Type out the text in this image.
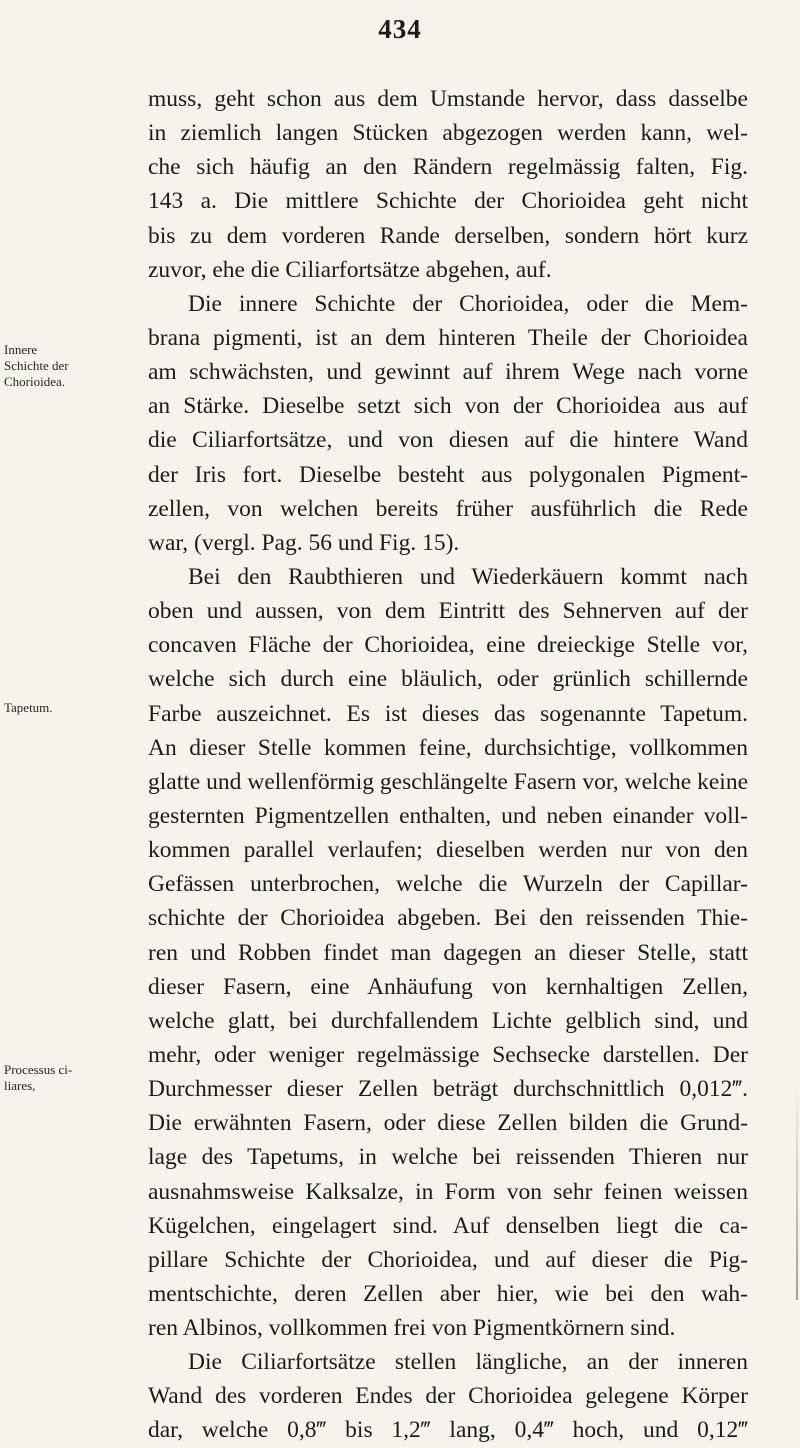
434
Innere
Schichte der
Chorioidea.
Tapetum.
Processus ci-
liares,
muss, geht schon aus dem Umstande hervor, dass dasselbe
in ziemlich langen Stücken abgezogen werden kann, wel-
che sich häufig an den Rändern regelmässig falten, Fig.
143 a. Die mittlere Schichte der Chorioidea geht nicht
bis zu dem vorderen Rande derselben, sondern hört kurz
zuvor, ehe die Ciliarfortsätze abgehen, auf.
Die innere Schichte der Chorioidea, oder die Mem-
brana pigmenti, ist an dem hinteren Theile der Chorioidea
am schwächsten, und gewinnt auf ihrem Wege nach vorne
an Stärke. Dieselbe setzt sich von der Chorioidea aus auf
die Ciliarfortsätze, und von diesen auf die hintere Wand
der Iris fort. Dieselbe besteht aus polygonalen Pigment-
zellen, von welchen bereits früher ausführlich die Rede
war, (vergl. Pag. 56 und Fig. 15).
Bei den Raubthieren und Wiederkäuern kommt nach
oben und aussen, von dem Eintritt des Sehnerven auf der
concaven Fläche der Chorioidea, eine dreieckige Stelle vor,
welche sich durch eine bläulich, oder grünlich schillernde
Farbe auszeichnet. Es ist dieses das sogenannte Tapetum.
An dieser Stelle kommen feine, durchsichtige, vollkommen
glatte und wellenförmig geschlängelte Fasern vor, welche keine
gesternten Pigmentzellen enthalten, und neben einander voll-
kommen parallel verlaufen; dieselben werden nur von den
Gefässen unterbrochen, welche die Wurzeln der Capillar-
schichte der Chorioidea abgeben. Bei den reissenden Thie-
ren und Robben findet man dagegen an dieser Stelle, statt
dieser Fasern, eine Anhäufung von kernhaltigen Zellen,
welche glatt, bei durchfallendem Lichte gelblich sind, und
mehr, oder weniger regelmässige Sechsecke darstellen. Der
Durchmesser dieser Zellen beträgt durchschnittlich 0,012‴.
Die erwähnten Fasern, oder diese Zellen bilden die Grund-
lage des Tapetums, in welche bei reissenden Thieren nur
ausnahmsweise Kalksalze, in Form von sehr feinen weissen
Kügelchen, eingelagert sind. Auf denselben liegt die ca-
pillare Schichte der Chorioidea, und auf dieser die Pig-
mentschichte, deren Zellen aber hier, wie bei den wah-
ren Albinos, vollkommen frei von Pigmentkörnern sind.
Die Ciliarfortsätze stellen längliche, an der inneren
Wand des vorderen Endes der Chorioidea gelegene Körper
dar, welche 0,8‴ bis 1,2‴ lang, 0,4‴ hoch, und 0,12‴
